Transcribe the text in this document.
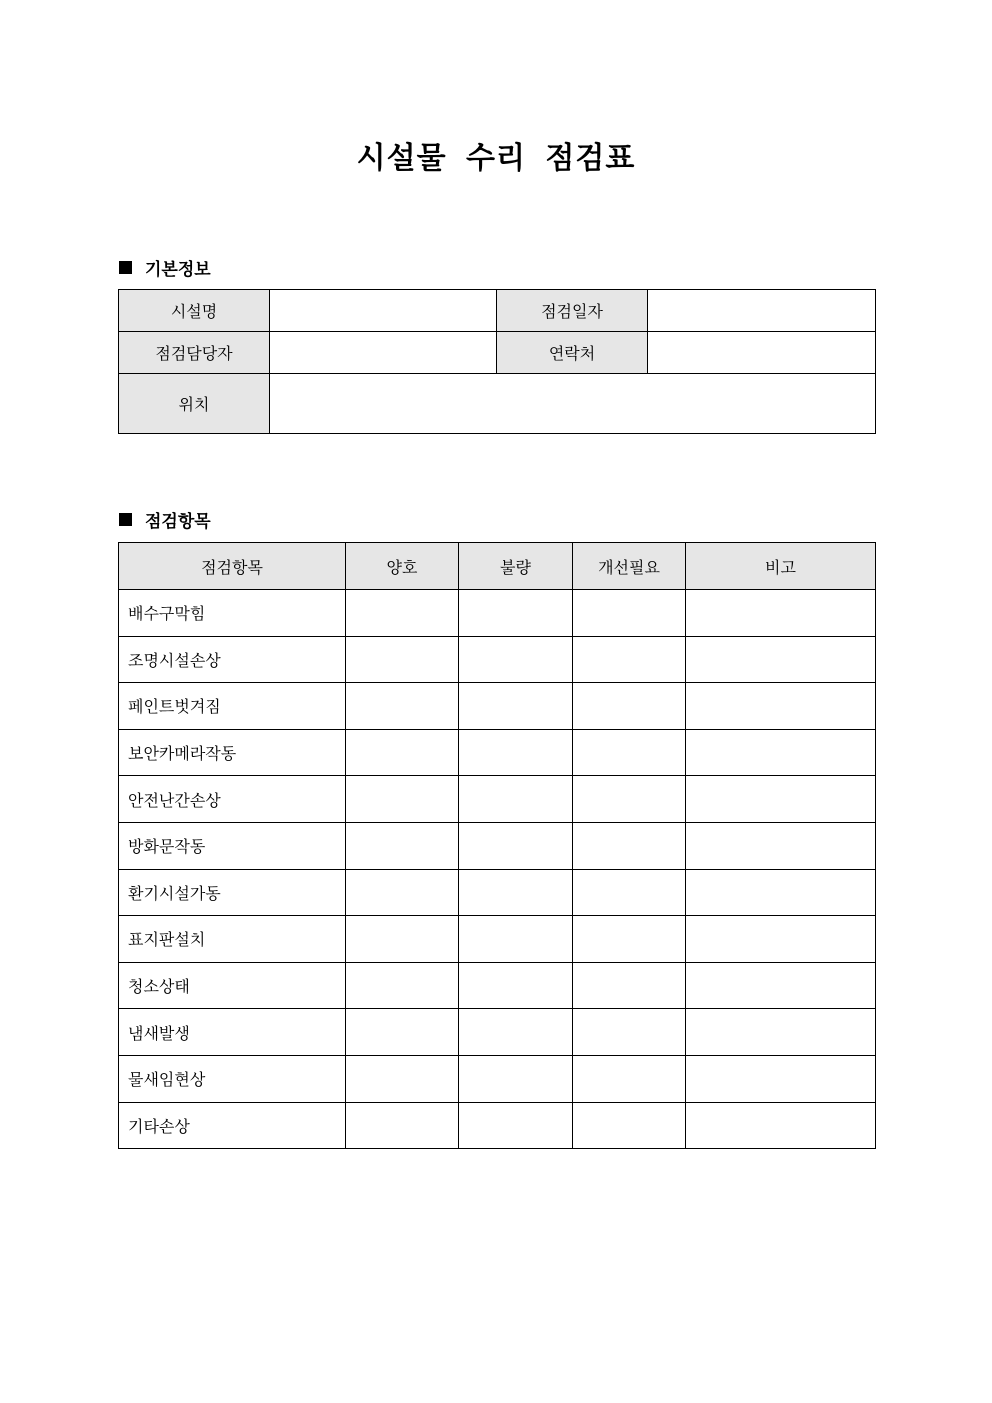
시설물 수리 점검표
기본정보
시설명		점검일자	
점검담당자		연락처	
위치			
점검항목
점검항목	양호	불량	개선필요	비고
배수구막힘				
조명시설손상				
페인트벗겨짐				
보안카메라작동				
안전난간손상				
방화문작동				
환기시설가동				
표지판설치				
청소상태				
냄새발생				
물새임현상				
기타손상				
